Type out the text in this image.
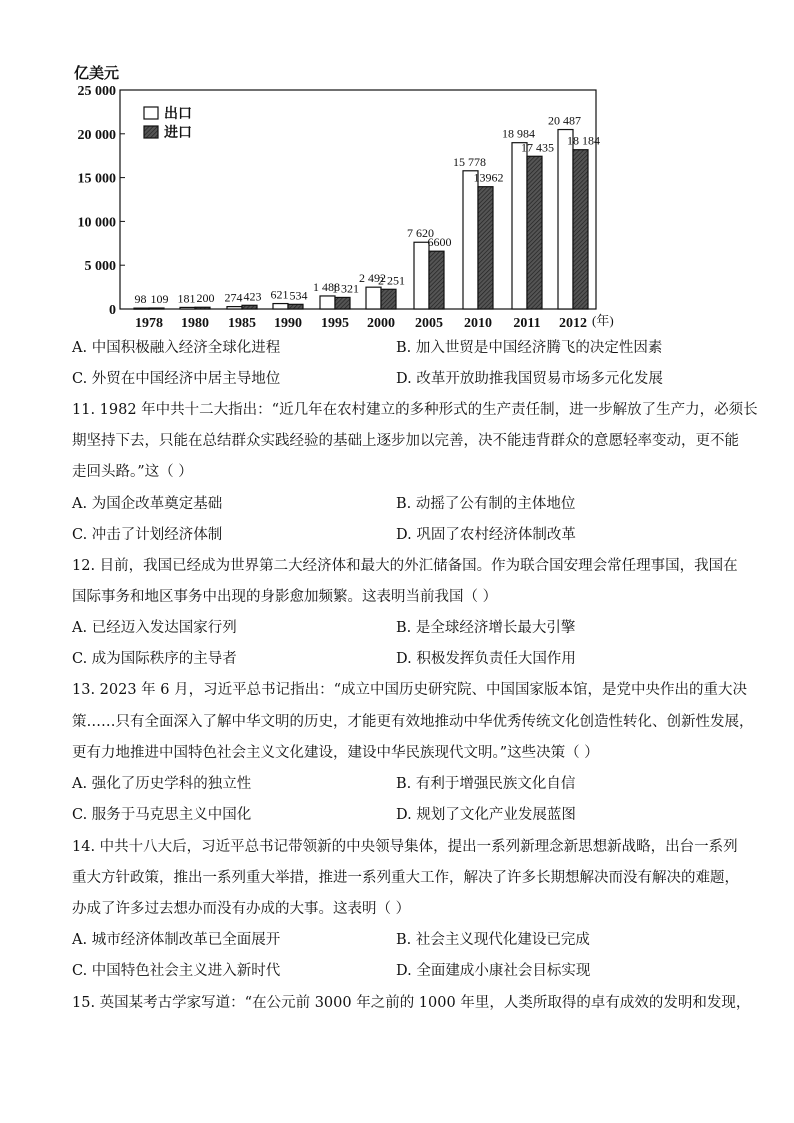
亿美元
0
5 000
10 000
15 000
20 000
25 000
98 109 181 200 274 423 621 534
1 488
1 321
2 492
2 251
7 620
6600
15 778
13962
18 984
17 435
20 487
18 184
1978 1980 1985 1990 1995 2000 2005 2010 2011 2012 (年)
出口
进口
A. 中国积极融入经济全球化进程	B. 加入世贸是中国经济腾飞的决定性因素
C. 外贸在中国经济中居主导地位	D. 改革开放助推我国贸易市场多元化发展
11. 1982 年中共十二大指出：“近几年在农村建立的多种形式的生产责任制，进一步解放了生产力，必须长
期坚持下去，只能在总结群众实践经验的基础上逐步加以完善，决不能违背群众的意愿轻率变动，更不能
走回头路。”这（ ）
A. 为国企改革奠定基础	B. 动摇了公有制的主体地位
C. 冲击了计划经济体制	D. 巩固了农村经济体制改革
12. 目前，我国已经成为世界第二大经济体和最大的外汇储备国。作为联合国安理会常任理事国，我国在
国际事务和地区事务中出现的身影愈加频繁。这表明当前我国（ ）
A. 已经迈入发达国家行列	B. 是全球经济增长最大引擎
C. 成为国际秩序的主导者	D. 积极发挥负责任大国作用
13. 2023 年 6 月，习近平总书记指出：“成立中国历史研究院、中国国家版本馆，是党中央作出的重大决
策……只有全面深入了解中华文明的历史，才能更有效地推动中华优秀传统文化创造性转化、创新性发展，
更有力地推进中国特色社会主义文化建设，建设中华民族现代文明。”这些决策（ ）
A. 强化了历史学科的独立性	B. 有利于增强民族文化自信
C. 服务于马克思主义中国化	D. 规划了文化产业发展蓝图
14. 中共十八大后，习近平总书记带领新的中央领导集体，提出一系列新理念新思想新战略，出台一系列
重大方针政策，推出一系列重大举措，推进一系列重大工作，解决了许多长期想解决而没有解决的难题，
办成了许多过去想办而没有办成的大事。这表明（ ）
A. 城市经济体制改革已全面展开	B. 社会主义现代化建设已完成
C. 中国特色社会主义进入新时代	D. 全面建成小康社会目标实现
15. 英国某考古学家写道：“在公元前 3000 年之前的 1000 年里，人类所取得的卓有成效的发明和发现，
